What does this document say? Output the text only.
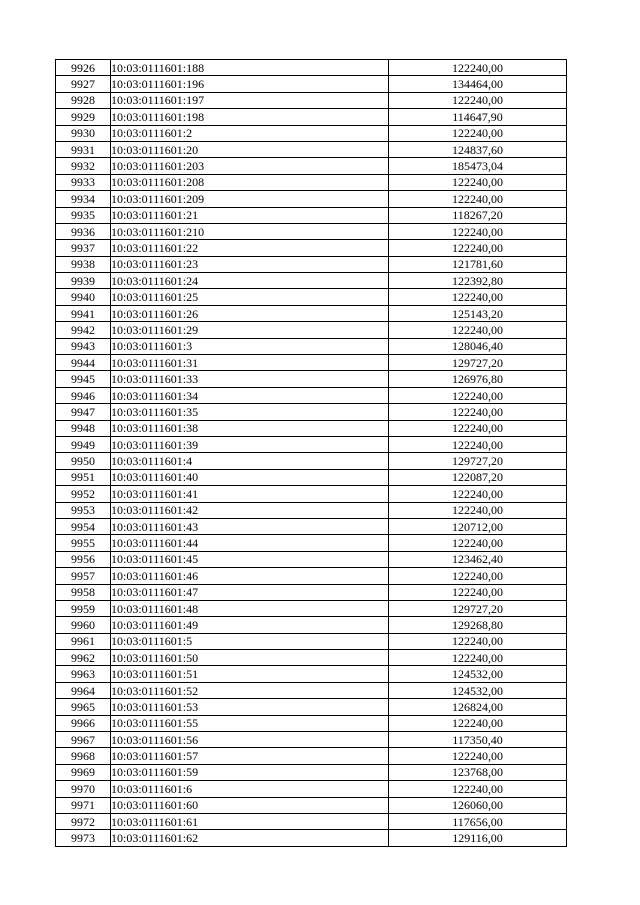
9926	10:03:0111601:188	122240,00
9927	10:03:0111601:196	134464,00
9928	10:03:0111601:197	122240,00
9929	10:03:0111601:198	114647,90
9930	10:03:0111601:2	122240,00
9931	10:03:0111601:20	124837,60
9932	10:03:0111601:203	185473,04
9933	10:03:0111601:208	122240,00
9934	10:03:0111601:209	122240,00
9935	10:03:0111601:21	118267,20
9936	10:03:0111601:210	122240,00
9937	10:03:0111601:22	122240,00
9938	10:03:0111601:23	121781,60
9939	10:03:0111601:24	122392,80
9940	10:03:0111601:25	122240,00
9941	10:03:0111601:26	125143,20
9942	10:03:0111601:29	122240,00
9943	10:03:0111601:3	128046,40
9944	10:03:0111601:31	129727,20
9945	10:03:0111601:33	126976,80
9946	10:03:0111601:34	122240,00
9947	10:03:0111601:35	122240,00
9948	10:03:0111601:38	122240,00
9949	10:03:0111601:39	122240,00
9950	10:03:0111601:4	129727,20
9951	10:03:0111601:40	122087,20
9952	10:03:0111601:41	122240,00
9953	10:03:0111601:42	122240,00
9954	10:03:0111601:43	120712,00
9955	10:03:0111601:44	122240,00
9956	10:03:0111601:45	123462,40
9957	10:03:0111601:46	122240,00
9958	10:03:0111601:47	122240,00
9959	10:03:0111601:48	129727,20
9960	10:03:0111601:49	129268,80
9961	10:03:0111601:5	122240,00
9962	10:03:0111601:50	122240,00
9963	10:03:0111601:51	124532,00
9964	10:03:0111601:52	124532,00
9965	10:03:0111601:53	126824,00
9966	10:03:0111601:55	122240,00
9967	10:03:0111601:56	117350,40
9968	10:03:0111601:57	122240,00
9969	10:03:0111601:59	123768,00
9970	10:03:0111601:6	122240,00
9971	10:03:0111601:60	126060,00
9972	10:03:0111601:61	117656,00
9973	10:03:0111601:62	129116,00
